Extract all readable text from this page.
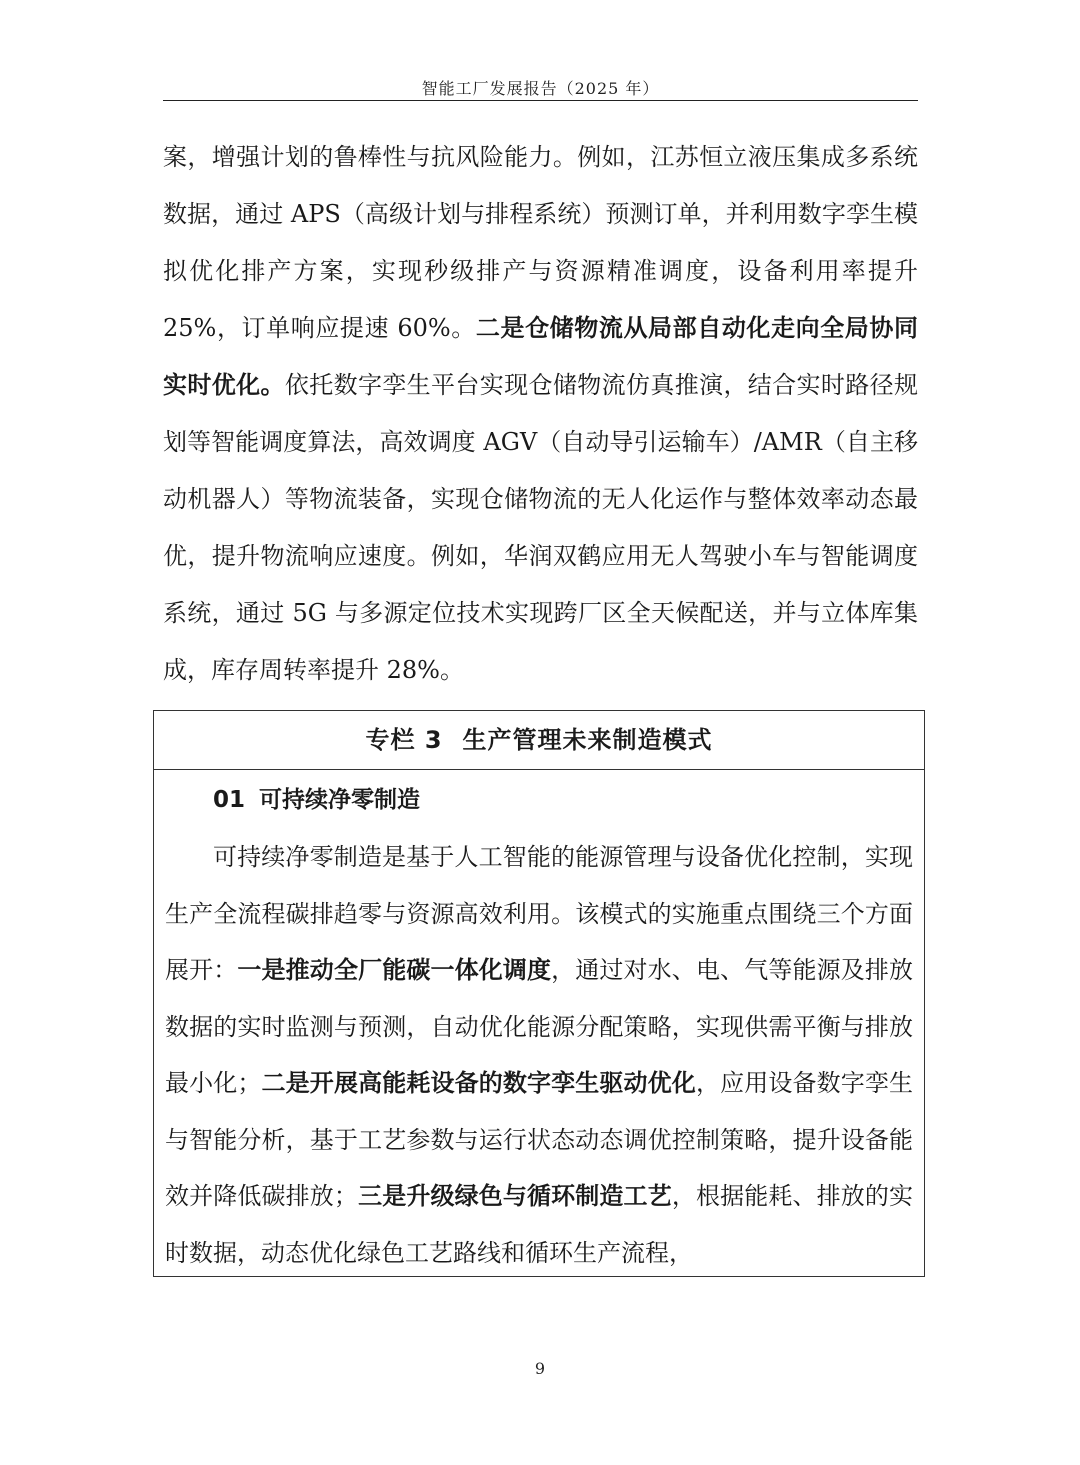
智能工厂发展报告（2025 年）
案，增强计划的鲁棒性与抗风险能力。例如，江苏恒立液压集成多系统数据，通过 APS（高级计划与排程系统）预测订单，并利用数字孪生模拟优化排产方案，实现秒级排产与资源精准调度，设备利用率提升 25%，订单响应提速 60%。二是仓储物流从局部自动化走向全局协同实时优化。依托数字孪生平台实现仓储物流仿真推演，结合实时路径规划等智能调度算法，高效调度 AGV（自动导引运输车）/AMR（自主移动机器人）等物流装备，实现仓储物流的无人化运作与整体效率动态最优，提升物流响应速度。例如，华润双鹤应用无人驾驶小车与智能调度系统，通过 5G 与多源定位技术实现跨厂区全天候配送，并与立体库集成，库存周转率提升 28%。
专栏 3 生产管理未来制造模式
01 可持续净零制造
可持续净零制造是基于人工智能的能源管理与设备优化控制，实现生产全流程碳排趋零与资源高效利用。该模式的实施重点围绕三个方面展开：一是推动全厂能碳一体化调度，通过对水、电、气等能源及排放数据的实时监测与预测，自动优化能源分配策略，实现供需平衡与排放最小化；二是开展高能耗设备的数字孪生驱动优化，应用设备数字孪生与智能分析，基于工艺参数与运行状态动态调优控制策略，提升设备能效并降低碳排放；三是升级绿色与循环制造工艺，根据能耗、排放的实时数据，动态优化绿色工艺路线和循环生产流程，
9
